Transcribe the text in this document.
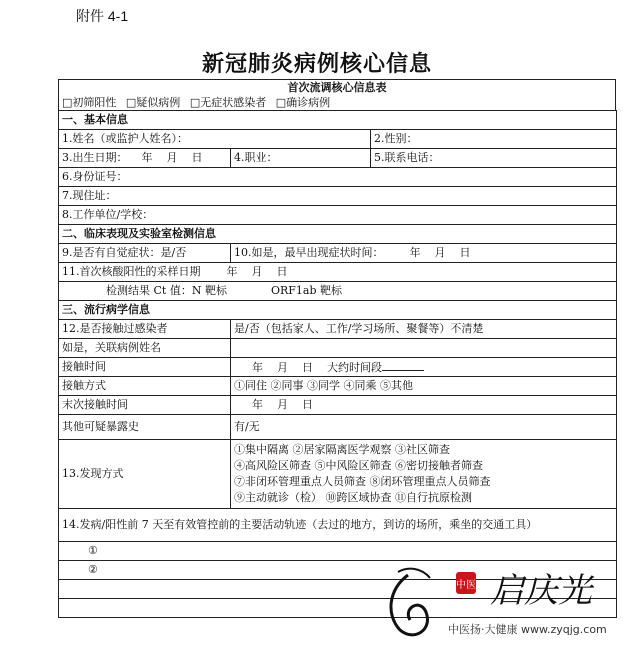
附件 4-1
新冠肺炎病例核心信息
首次流调核心信息表
□初筛阳性 □疑似病例 □无症状感染者 □确诊病例
一、基本信息		
1.姓名（或监护人姓名）：		2.性别：
3.出生日期： 年 月 日	4.职业：	5.联系电话：
6.身份证号：		
7.现住址：		
8.工作单位/学校：		
二、临床表现及实验室检测信息		
9.是否有自觉症状：是/否	10.如是，最早出现症状时间： 年 月 日	
11.首次核酸阳性的采样日期 年 月 日		
检测结果 Ct 值：N 靶标 ORF1ab 靶标		
三、流行病学信息		
12.是否接触过感染者	是/否（包括家人、工作/学习场所、聚餐等）不清楚	
如是，关联病例姓名		
接触时间	年 月 日 大约时间段	
接触方式	①同住 ②同事 ③同学 ④同乘 ⑤其他	
末次接触时间	年 月 日	
其他可疑暴露史	有/无	
13.发现方式	①集中隔离 ②居家隔离医学观察 ③社区筛查
④高风险区筛查 ⑤中风险区筛查 ⑥密切接触者筛查
⑦非闭环管理重点人员筛查 ⑧闭环管理重点人员筛查
⑨主动就诊（检） ⑩跨区域协查 ⑪自行抗原检测	

14.发病/阳性前 7 天至有效管控前的主要活动轨迹（去过的地方，到访的场所，乘坐的交通工具）		
①		
②		

中医 启庆光
中医扬·大健康 www.zyqjg.com
